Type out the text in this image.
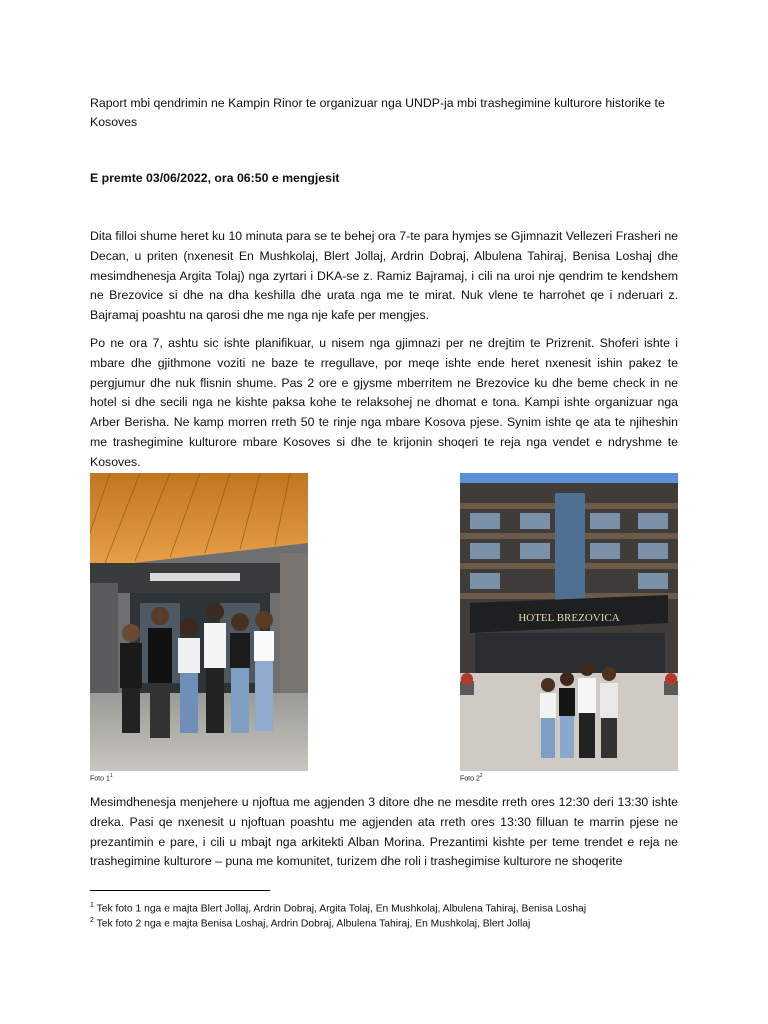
Raport mbi qendrimin ne Kampin Rinor te organizuar nga UNDP-ja mbi trashegimine kulturore historike te Kosoves

E premte 03/06/2022, ora 06:50 e mengjesit

Dita filloi shume heret ku 10 minuta para se te behej ora 7-te para hymjes se Gjimnazit Vellezeri Frasheri ne Decan, u priten (nxenesit En Mushkolaj, Blert Jollaj, Ardrin Dobraj, Albulena Tahiraj, Benisa Loshaj dhe mesimdhenesja Argita Tolaj) nga zyrtari i DKA-se z. Ramiz Bajramaj, i cili na uroi nje qendrim te kendshem ne Brezovice si dhe na dha keshilla dhe urata nga me te mirat. Nuk vlene te harrohet qe i nderuari z. Bajramaj poashtu na qarosi dhe me nga nje kafe per mengjes.

Po ne ora 7, ashtu sic ishte planifikuar, u nisem nga gjimnazi per ne drejtim te Prizrenit. Shoferi ishte i mbare dhe gjithmone voziti ne baze te rregullave, por meqe ishte ende heret nxenesit ishin pakez te pergjumur dhe nuk flisnin shume. Pas 2 ore e gjysme mberritem ne Brezovice ku dhe beme check in ne hotel si dhe secili nga ne kishte paksa kohe te relaksohej ne dhomat e tona. Kampi ishte organizuar nga Arber Berisha. Ne kamp morren rreth 50 te rinje nga mbare Kosova pjese. Synim ishte qe ata te njiheshin me trashegimine kulturore mbare Kosoves si dhe te krijonin shoqeri te reja nga vendet e ndryshme te Kosoves.

HOTEL BREZOVICA
Foto $1^1$	Foto $2^2$

Mesimdhenesja menjehere u njoftua me agjenden 3 ditore dhe ne mesdite rreth ores 12:30 deri 13:30 ishte dreka. Pasi qe nxenesit u njoftuan poashtu me agjenden ata rreth ores 13:30 filluan te marrin pjese ne prezantimin e pare, i cili u mbajt nga arkitekti Alban Morina. Prezantimi kishte per teme trendet e reja ne trashegimine kulturore – puna me komunitet, turizem dhe roli i trashegimise kulturore ne shoqerite

$^1$ Tek foto 1 nga e majta Blert Jollaj, Ardrin Dobraj, Argita Tolaj, En Mushkolaj, Albulena Tahiraj, Benisa Loshaj

$^2$ Tek foto 2 nga e majta Benisa Loshaj, Ardrin Dobraj, Albulena Tahiraj, En Mushkolaj, Blert Jollaj
